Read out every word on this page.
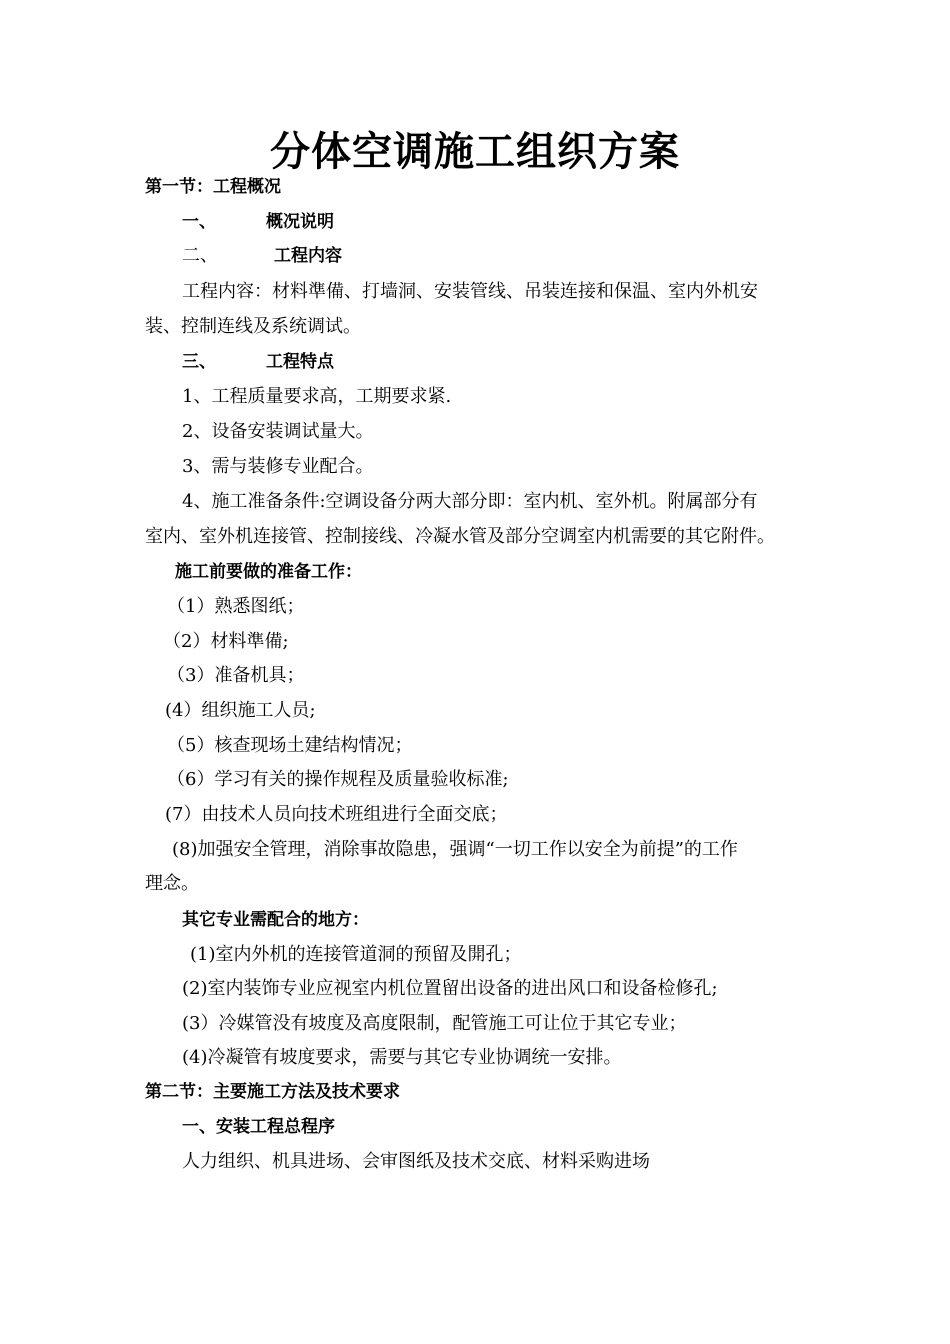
分体空调施工组织方案
第一节：工程概况
一、	概况说明
二、	工程内容
工程内容：材料準備、打墙洞、安装管线、吊装连接和保温、室内外机安
装、控制连线及系统调试。
三、	工程特点
1、工程质量要求高，工期要求紧.
2、设备安装调试量大。
3、需与装修专业配合。
4、施工准备条件:空调设备分两大部分即：室内机、室外机。附属部分有
室内、室外机连接管、控制接线、冷凝水管及部分空调室内机需要的其它附件。
施工前要做的准备工作：
（1）熟悉图纸；
（2）材料準備;
（3）准备机具；
(4）组织施工人员;
（5）核查现场土建结构情况；
（6）学习有关的操作规程及质量验收标准;
(7）由技术人员向技术班组进行全面交底；
(8)加强安全管理，消除事故隐患，强调“一切工作以安全为前提”的工作
理念。
其它专业需配合的地方：
(1)室内外机的连接管道洞的预留及開孔；
(2)室内装饰专业应视室内机位置留出设备的进出风口和设备检修孔;
(3）冷媒管没有坡度及高度限制，配管施工可让位于其它专业；
(4)冷凝管有坡度要求，需要与其它专业协调统一安排。
第二节：主要施工方法及技术要求
一、安装工程总程序
人力组织、机具进场、会审图纸及技术交底、材料采购进场
